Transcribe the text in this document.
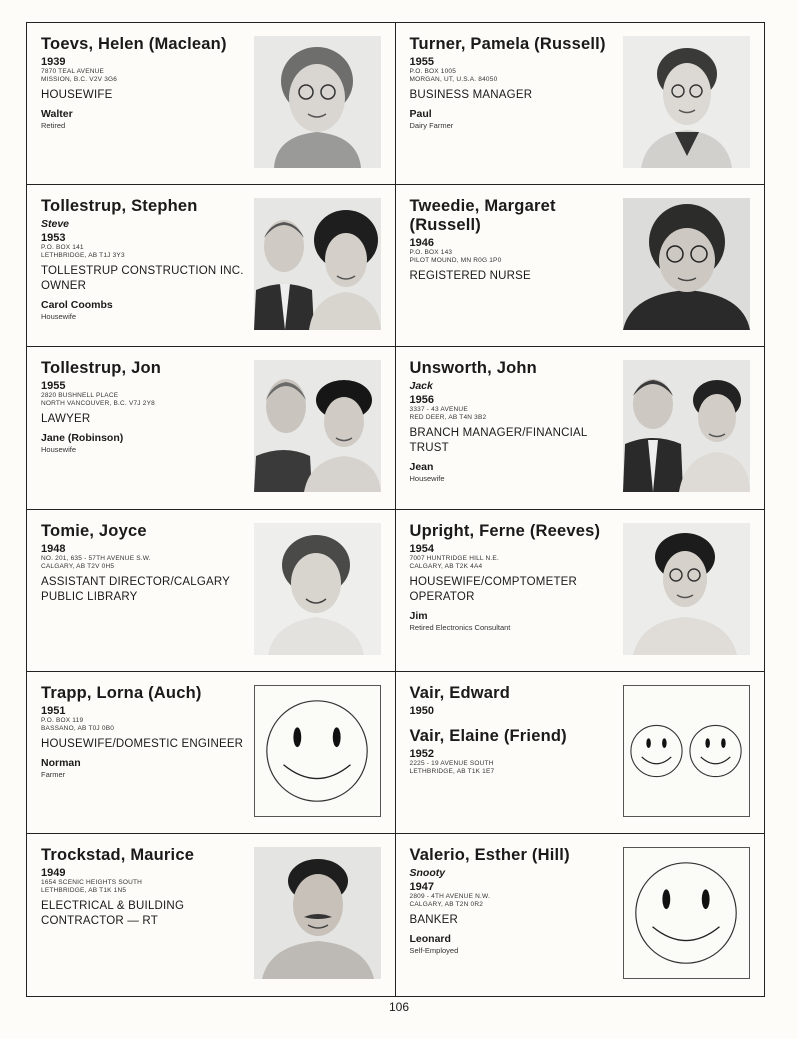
Toevs, Helen (Maclean)
1939
7870 TEAL AVENUE
MISSION, B.C. V2V 3G6
HOUSEWIFE
Walter
Retired
Turner, Pamela (Russell)
1955
P.O. BOX 1005
MORGAN, UT, U.S.A. 84050
BUSINESS MANAGER
Paul
Dairy Farmer
Tollestrup, Stephen
Steve
1953
P.O. BOX 141
LETHBRIDGE, AB T1J 3Y3
TOLLESTRUP CONSTRUCTION INC. OWNER
Carol Coombs
Housewife
Tweedie, Margaret (Russell)
1946
P.O. BOX 143
PILOT MOUND, MN R0G 1P0
REGISTERED NURSE
Tollestrup, Jon
1955
2820 BUSHNELL PLACE
NORTH VANCOUVER, B.C. V7J 2Y8
LAWYER
Jane (Robinson)
Housewife
Unsworth, John
Jack
1956
3337 - 43 AVENUE
RED DEER, AB T4N 3B2
BRANCH MANAGER/FINANCIAL TRUST
Jean
Housewife
Tomie, Joyce
1948
NO. 201, 635 - 57TH AVENUE S.W.
CALGARY, AB T2V 0H5
ASSISTANT DIRECTOR/CALGARY PUBLIC LIBRARY
Upright, Ferne (Reeves)
1954
7007 HUNTRIDGE HILL N.E.
CALGARY, AB T2K 4A4
HOUSEWIFE/COMPTOMETER OPERATOR
Jim
Retired Electronics Consultant
Trapp, Lorna (Auch)
1951
P.O. BOX 119
BASSANO, AB T0J 0B0
HOUSEWIFE/DOMESTIC ENGINEER
Norman
Farmer
Vair, Edward
1950
Vair, Elaine (Friend)
1952
2225 - 19 AVENUE SOUTH
LETHBRIDGE, AB T1K 1E7
Trockstad, Maurice
1949
1654 SCENIC HEIGHTS SOUTH
LETHBRIDGE, AB T1K 1N5
ELECTRICAL & BUILDING CONTRACTOR — RT
Valerio, Esther (Hill)
Snooty
1947
2809 - 4TH AVENUE N.W.
CALGARY, AB T2N 0R2
BANKER
Leonard
Self-Employed
106
